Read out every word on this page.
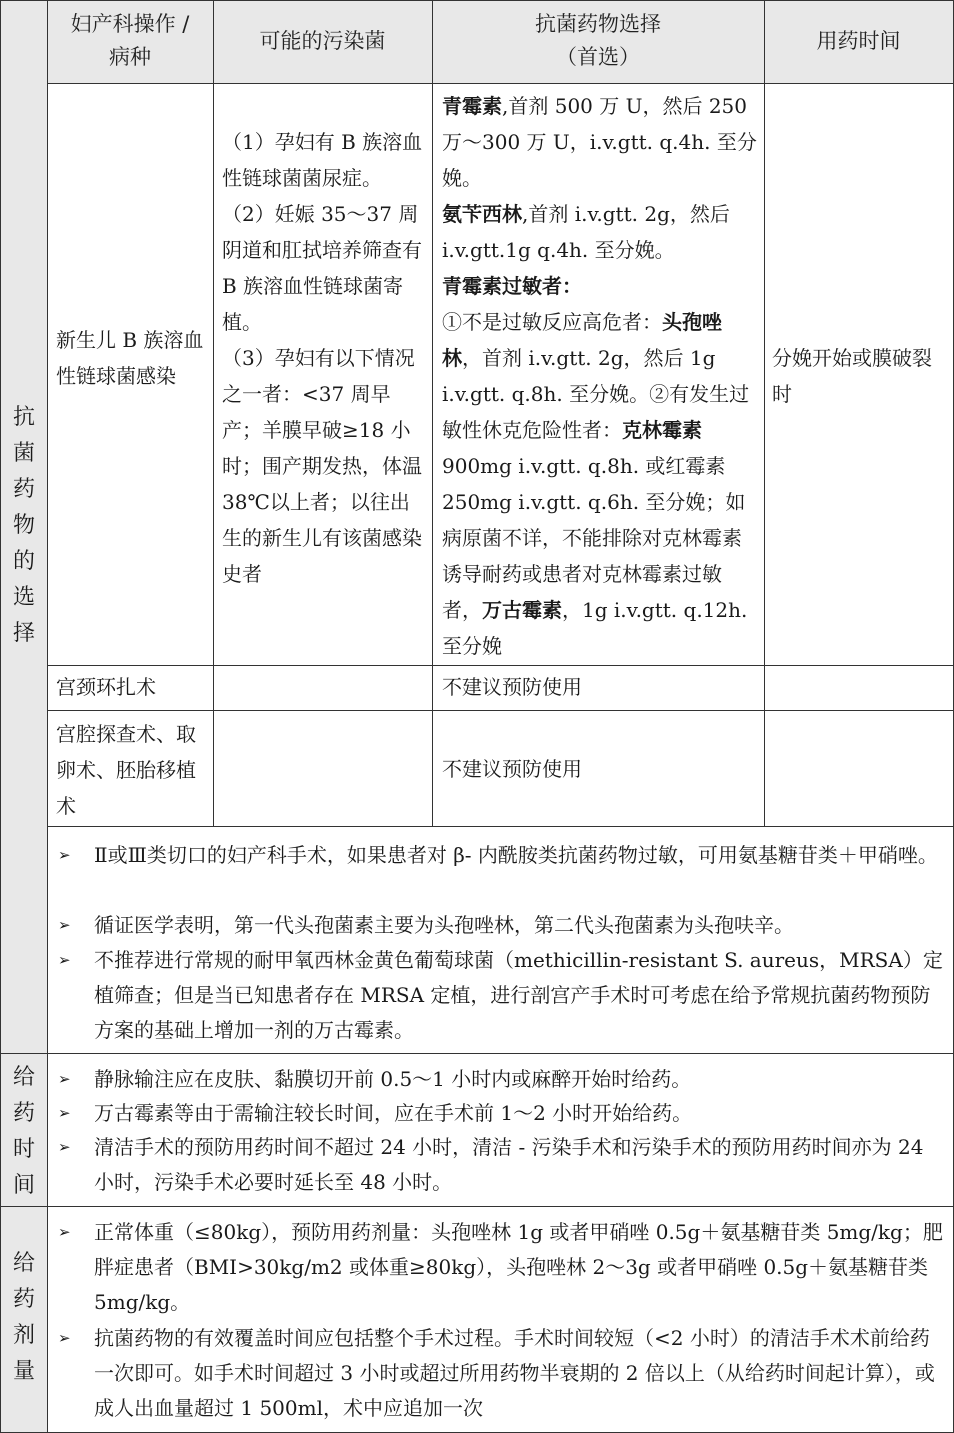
妇产科操作 /
病种
可能的污染菌
抗菌药物选择
（首选）
用药时间
抗
菌
药
物
的
选
择
给
药
时
间
给
药
剂
量
新生儿 B 族溶血性链球菌感染
（1）孕妇有 B 族溶血性链球菌菌尿症。
（2）妊娠 35～37 周阴道和肛拭培养筛查有 B 族溶血性链球菌寄植。
（3）孕妇有以下情况之一者：<37 周早产；羊膜早破≥18 小时；围产期发热，体温 38℃以上者；以往出生的新生儿有该菌感染史者
青霉素,首剂 500 万 U，然后 250 万～300 万 U，i.v.gtt. q.4h. 至分娩。
氨苄西林,首剂 i.v.gtt. 2g，然后 i.v.gtt.1g q.4h. 至分娩。
青霉素过敏者：
①不是过敏反应高危者：头孢唑林，首剂 i.v.gtt. 2g，然后 1g i.v.gtt. q.8h. 至分娩。②有发生过敏性休克危险性者：克林霉素 900mg i.v.gtt. q.8h. 或红霉素 250mg i.v.gtt. q.6h. 至分娩；如病原菌不详，不能排除对克林霉素诱导耐药或患者对克林霉素过敏者，万古霉素，1g i.v.gtt. q.12h. 至分娩
分娩开始或膜破裂时
宫颈环扎术	不建议预防使用
宫腔探查术、取卵术、胚胎移植术
不建议预防使用
➢ Ⅱ或Ⅲ类切口的妇产科手术，如果患者对 β- 内酰胺类抗菌药物过敏，可用氨基糖苷类＋甲硝唑。
➢ 循证医学表明，第一代头孢菌素主要为头孢唑林，第二代头孢菌素为头孢呋辛。
➢ 不推荐进行常规的耐甲氧西林金黄色葡萄球菌（methicillin-resistant S. aureus，MRSA）定植筛查；但是当已知患者存在 MRSA 定植，进行剖宫产手术时可考虑在给予常规抗菌药物预防方案的基础上增加一剂的万古霉素。
➢ 静脉输注应在皮肤、黏膜切开前 0.5～1 小时内或麻醉开始时给药。
➢ 万古霉素等由于需输注较长时间，应在手术前 1～2 小时开始给药。
➢ 清洁手术的预防用药时间不超过 24 小时，清洁 - 污染手术和污染手术的预防用药时间亦为 24 小时，污染手术必要时延长至 48 小时。
➢ 正常体重（≤80kg），预防用药剂量：头孢唑林 1g 或者甲硝唑 0.5g＋氨基糖苷类 5mg/kg；肥胖症患者（BMI>30kg/m2 或体重≥80kg），头孢唑林 2～3g 或者甲硝唑 0.5g＋氨基糖苷类 5mg/kg。
➢ 抗菌药物的有效覆盖时间应包括整个手术过程。手术时间较短（<2 小时）的清洁手术术前给药一次即可。如手术时间超过 3 小时或超过所用药物半衰期的 2 倍以上（从给药时间起计算），或成人出血量超过 1 500ml，术中应追加一次
